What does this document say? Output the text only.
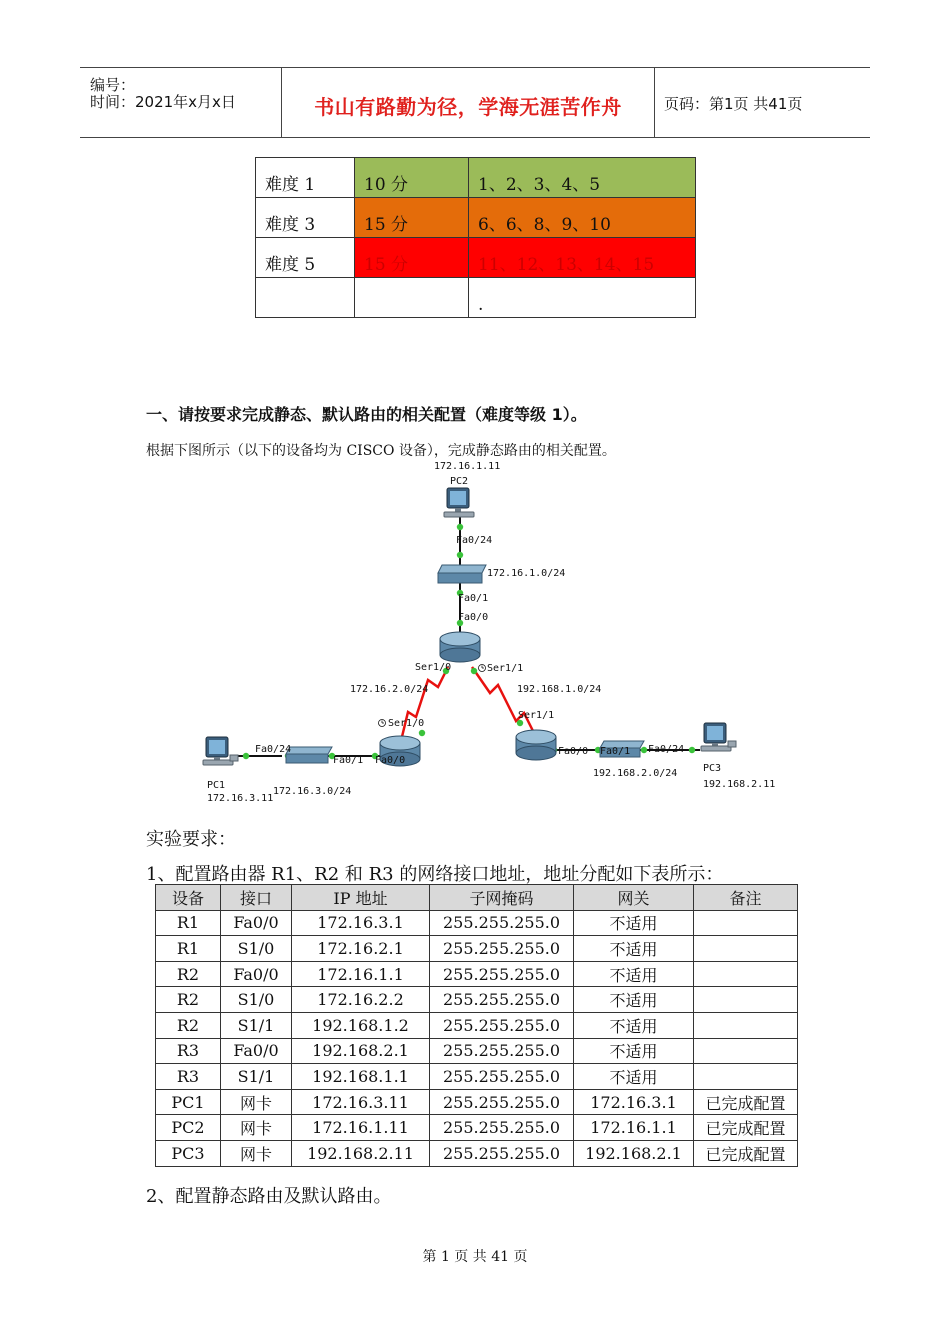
编号：
时间：2021年x月x日	书山有路勤为径，学海无涯苦作舟	页码：第1页 共41页
难度 1	10 分	1、2、3、4、5
难度 3	15 分	6、6、8、9、10
难度 5	15 分	11、12、13、14、15
		.
一、请按要求完成静态、默认路由的相关配置（难度等级 1）。
根据下图所示（以下的设备均为 CISCO 设备），完成静态路由的相关配置。
172.16.1.11
PC2
Fa0/24
172.16.1.0/24
Fa0/1
Fa0/0
Ser1/0	Ser1/1
172.16.2.0/24	192.168.1.0/24
Ser1/0
Ser1/1
Fa0/24
Fa0/1 Fa0/0
Fa0/0 Fa0/1 Fa0/24
PC1
172.16.3.11
172.16.3.0/24
192.168.2.0/24	PC3
192.168.2.11
实验要求：
1、配置路由器 R1、R2 和 R3 的网络接口地址，地址分配如下表所示：
设备	接口	IP 地址	子网掩码	网关	备注
R1	Fa0/0	172.16.3.1	255.255.255.0	不适用	
R1	S1/0	172.16.2.1	255.255.255.0	不适用	
R2	Fa0/0	172.16.1.1	255.255.255.0	不适用	
R2	S1/0	172.16.2.2	255.255.255.0	不适用	
R2	S1/1	192.168.1.2	255.255.255.0	不适用	
R3	Fa0/0	192.168.2.1	255.255.255.0	不适用	
R3	S1/1	192.168.1.1	255.255.255.0	不适用	
PC1	网卡	172.16.3.11	255.255.255.0	172.16.3.1	已完成配置
PC2	网卡	172.16.1.11	255.255.255.0	172.16.1.1	已完成配置
PC3	网卡	192.168.2.11	255.255.255.0	192.168.2.1	已完成配置
2、配置静态路由及默认路由。
第 1 页 共 41 页
